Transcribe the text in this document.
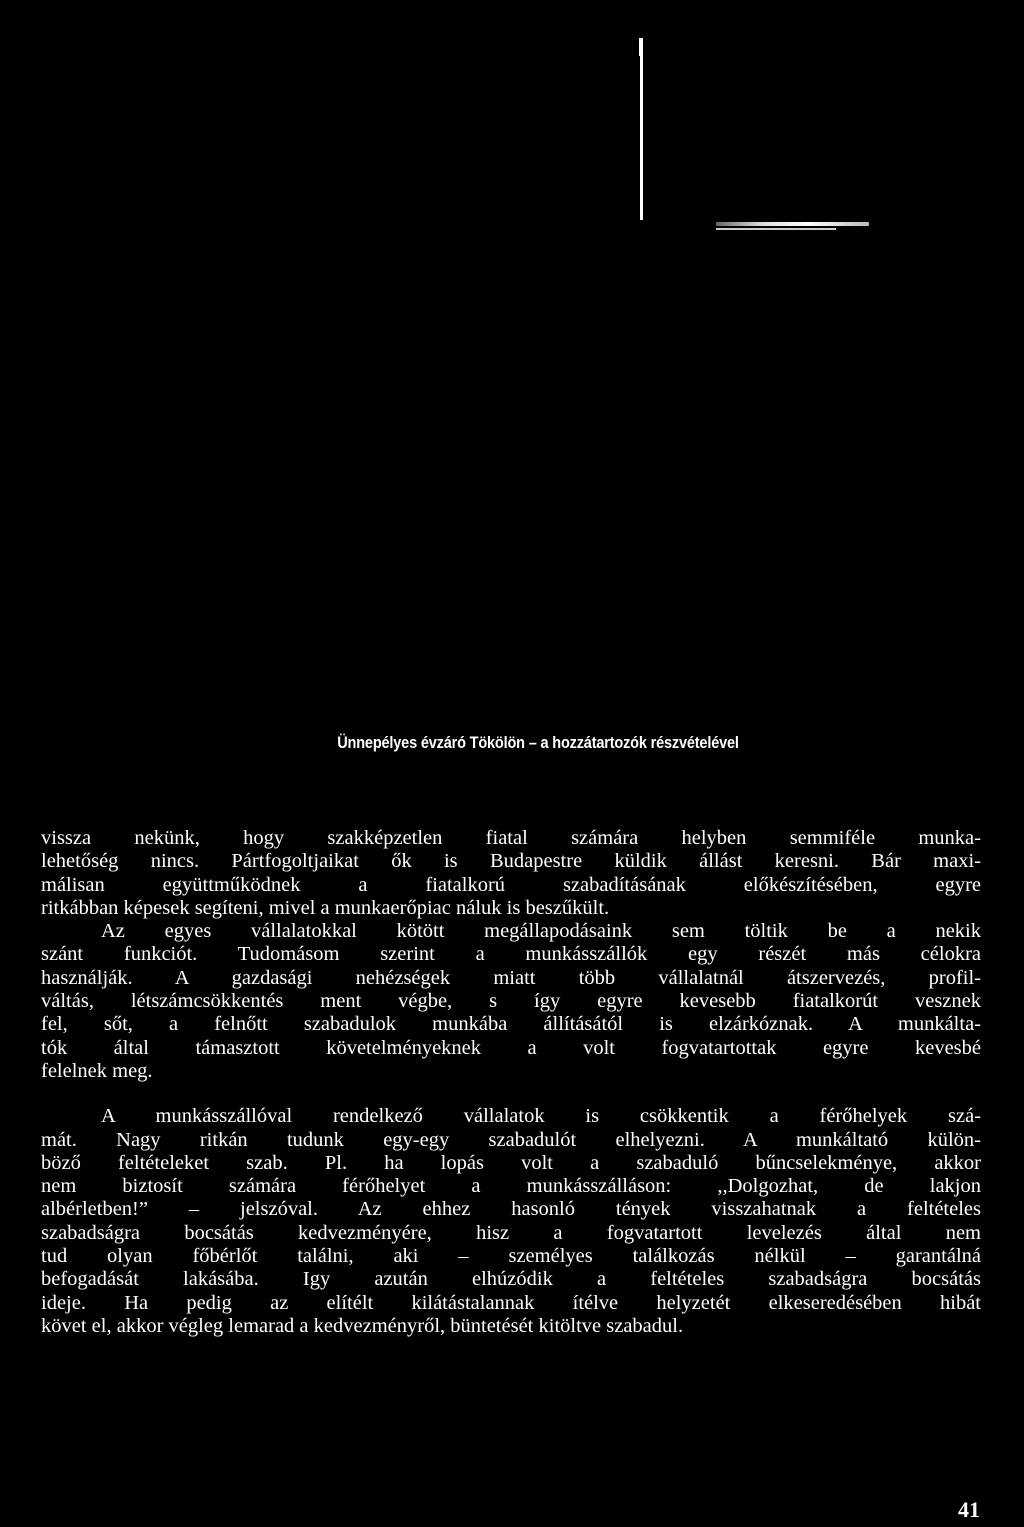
Ünnepélyes évzáró Tökölön – a hozzátartozók részvételével
vissza nekünk, hogy szakképzetlen fiatal számára helyben semmiféle munka-
lehetőség nincs. Pártfogoltjaikat ők is Budapestre küldik állást keresni. Bár maxi-
málisan együttműködnek a fiatalkorú szabadításának előkészítésében, egyre
ritkábban képesek segíteni, mivel a munkaerőpiac náluk is beszűkült.
Az egyes vállalatokkal kötött megállapodásaink sem töltik be a nekik
szánt funkciót. Tudomásom szerint a munkásszállók egy részét más célokra
használják. A gazdasági nehézségek miatt több vállalatnál átszervezés, profil-
váltás, létszámcsökkentés ment végbe, s így egyre kevesebb fiatalkorút vesznek
fel, sőt, a felnőtt szabadulok munkába állításától is elzárkóznak. A munkálta-
tók által támasztott követelményeknek a volt fogvatartottak egyre kevesbé
felelnek meg.
A munkásszállóval rendelkező vállalatok is csökkentik a férőhelyek szá-
mát. Nagy ritkán tudunk egy-egy szabadulót elhelyezni. A munkáltató külön-
böző feltételeket szab. Pl. ha lopás volt a szabaduló bűncselekménye, akkor
nem biztosít számára férőhelyet a munkásszálláson: ,,Dolgozhat, de lakjon
albérletben!” – jelszóval. Az ehhez hasonló tények visszahatnak a feltételes
szabadságra bocsátás kedvezményére, hisz a fogvatartott levelezés által nem
tud olyan főbérlőt találni, aki – személyes találkozás nélkül – garantálná
befogadását lakásába. Igy azután elhúzódik a feltételes szabadságra bocsátás
ideje. Ha pedig az elítélt kilátástalannak ítélve helyzetét elkeseredésében hibát
követ el, akkor végleg lemarad a kedvezményről, büntetését kitöltve szabadul.
41
